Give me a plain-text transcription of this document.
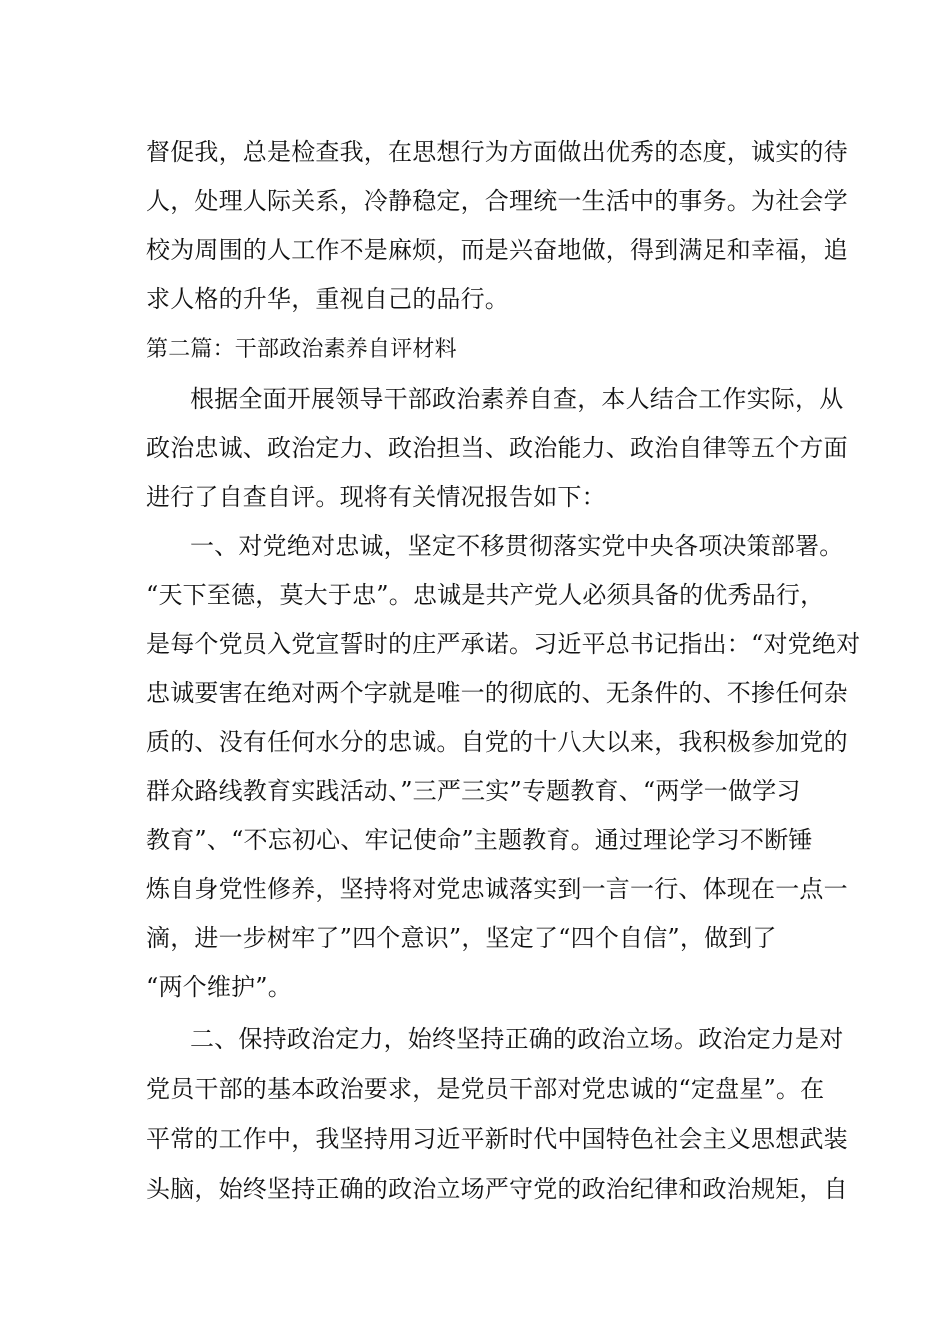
督促我，总是检查我，在思想行为方面做出优秀的态度，诚实的待
人，处理人际关系，冷静稳定，合理统一生活中的事务。为社会学
校为周围的人工作不是麻烦，而是兴奋地做，得到满足和幸福，追
求人格的升华，重视自己的品行。
第二篇：干部政治素养自评材料
根据全面开展领导干部政治素养自查，本人结合工作实际，从
政治忠诚、政治定力、政治担当、政治能力、政治自律等五个方面
进行了自查自评。现将有关情况报告如下：
一、对党绝对忠诚，坚定不移贯彻落实党中央各项决策部署。
“天下至德，莫大于忠”。忠诚是共产党人必须具备的优秀品行，
是每个党员入党宣誓时的庄严承诺。习近平总书记指出：“对党绝对
忠诚要害在绝对两个字就是唯一的彻底的、无条件的、不掺任何杂
质的、没有任何水分的忠诚。自党的十八大以来，我积极参加党的
群众路线教育实践活动、”三严三实”专题教育、“两学一做学习
教育”、“不忘初心、牢记使命”主题教育。通过理论学习不断锤
炼自身党性修养，坚持将对党忠诚落实到一言一行、体现在一点一
滴，进一步树牢了”四个意识”，坚定了“四个自信”，做到了
“两个维护”。
二、保持政治定力，始终坚持正确的政治立场。政治定力是对
党员干部的基本政治要求，是党员干部对党忠诚的“定盘星”。在
平常的工作中，我坚持用习近平新时代中国特色社会主义思想武装
头脑，始终坚持正确的政治立场严守党的政治纪律和政治规矩，自
